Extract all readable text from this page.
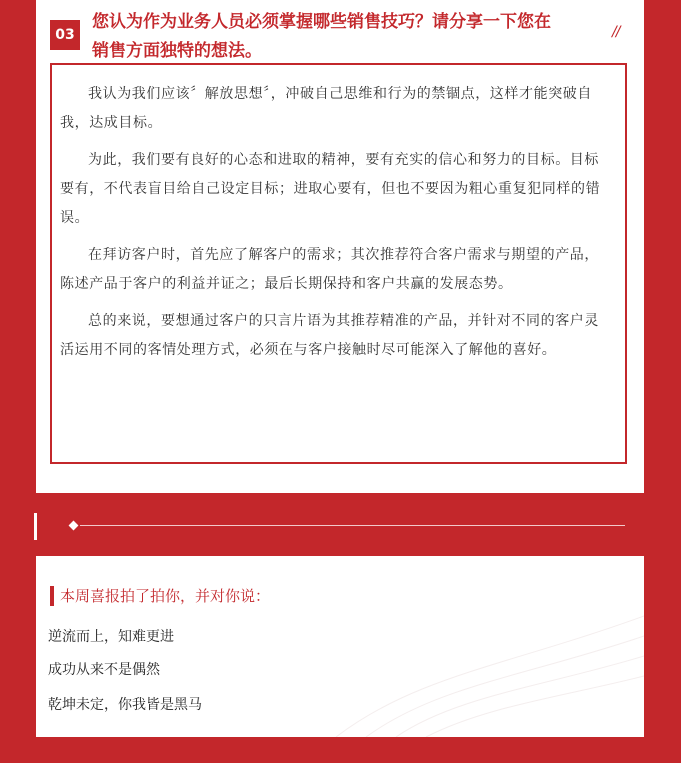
03
您认为作为业务人员必须掌握哪些销售技巧？请分享一下您在
销售方面独特的想法。
//

我认为我们应该〞解放思想〞，冲破自己思维和行为的禁锢点，这样才能突破自我，达成目标。

为此，我们要有良好的心态和进取的精神，要有充实的信心和努力的目标。目标要有，不代表盲目给自己设定目标；进取心要有，但也不要因为粗心重复犯同样的错误。

在拜访客户时，首先应了解客户的需求；其次推荐符合客户需求与期望的产品，陈述产品于客户的利益并证之；最后长期保持和客户共赢的发展态势。

总的来说，要想通过客户的只言片语为其推荐精准的产品，并针对不同的客户灵活运用不同的客情处理方式，必须在与客户接触时尽可能深入了解他的喜好。

本周喜报拍了拍你，并对你说：
逆流而上，知难更进
成功从来不是偶然
乾坤未定，你我皆是黑马
